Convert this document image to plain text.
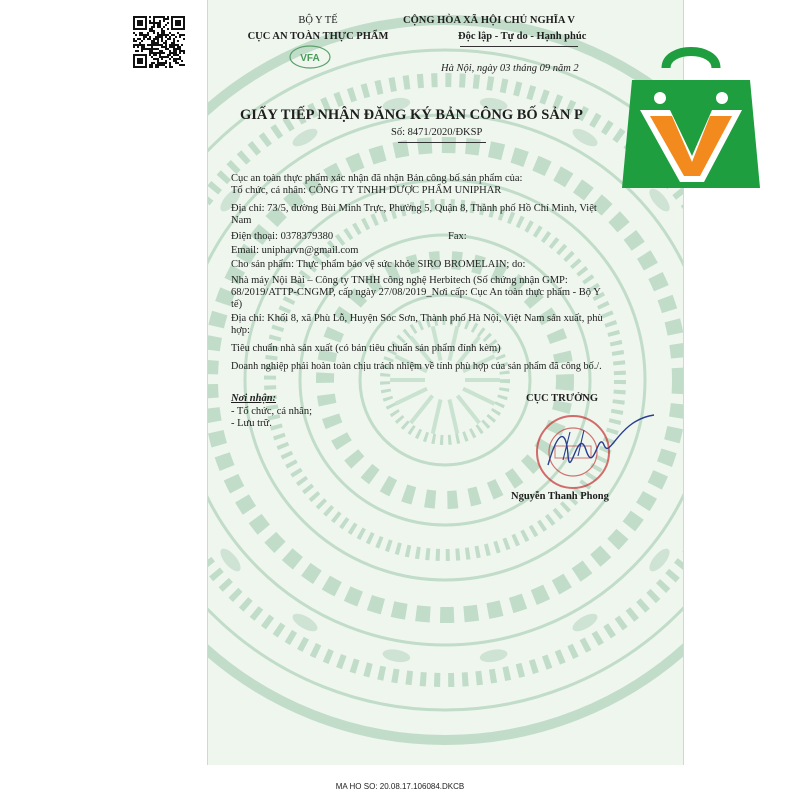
BỘ Y TẾ
CỤC AN TOÀN THỰC PHẨM
VFA
CỘNG HÒA XÃ HỘI CHỦ NGHĨA V
Độc lập - Tự do - Hạnh phúc
Hà Nội, ngày 03 tháng 09 năm 2
GIẤY TIẾP NHẬN ĐĂNG KÝ BẢN CÔNG BỐ SẢN P
Số: 8471/2020/ĐKSP
Cục an toàn thực phẩm xác nhận đã nhận Bản công bố sản phẩm của:
Tổ chức, cá nhân: CÔNG TY TNHH DƯỢC PHẨM UNIPHAR
Địa chỉ: 73/5, đường Bùi Minh Trực, Phường 5, Quận 8, Thành phố Hồ Chí Minh, Việt
Nam
Điện thoại: 0378379380	Fax:
Email: unipharvn@gmail.com
Cho sản phẩm: Thực phẩm bảo vệ sức khỏe SIRO BROMELAIN; do:
Nhà máy Nội Bài – Công ty TNHH công nghệ Herbitech (Số chứng nhận GMP:
68/2019/ATTP-CNGMP, cấp ngày 27/08/2019_Nơi cấp: Cục An toàn thực phẩm - Bộ Y
tế)
Địa chỉ: Khối 8, xã Phù Lỗ, Huyện Sóc Sơn, Thành phố Hà Nội, Việt Nam sản xuất, phù
hợp:
Tiêu chuẩn nhà sản xuất (có bản tiêu chuẩn sản phẩm đính kèm)
Doanh nghiệp phải hoàn toàn chịu trách nhiệm về tính phù hợp của sản phẩm đã công bố./.
Nơi nhận:
- Tổ chức, cá nhân;
- Lưu trữ.
CỤC TRƯỞNG
Nguyễn Thanh Phong
MA HO SO: 20.08.17.106084.DKCB
